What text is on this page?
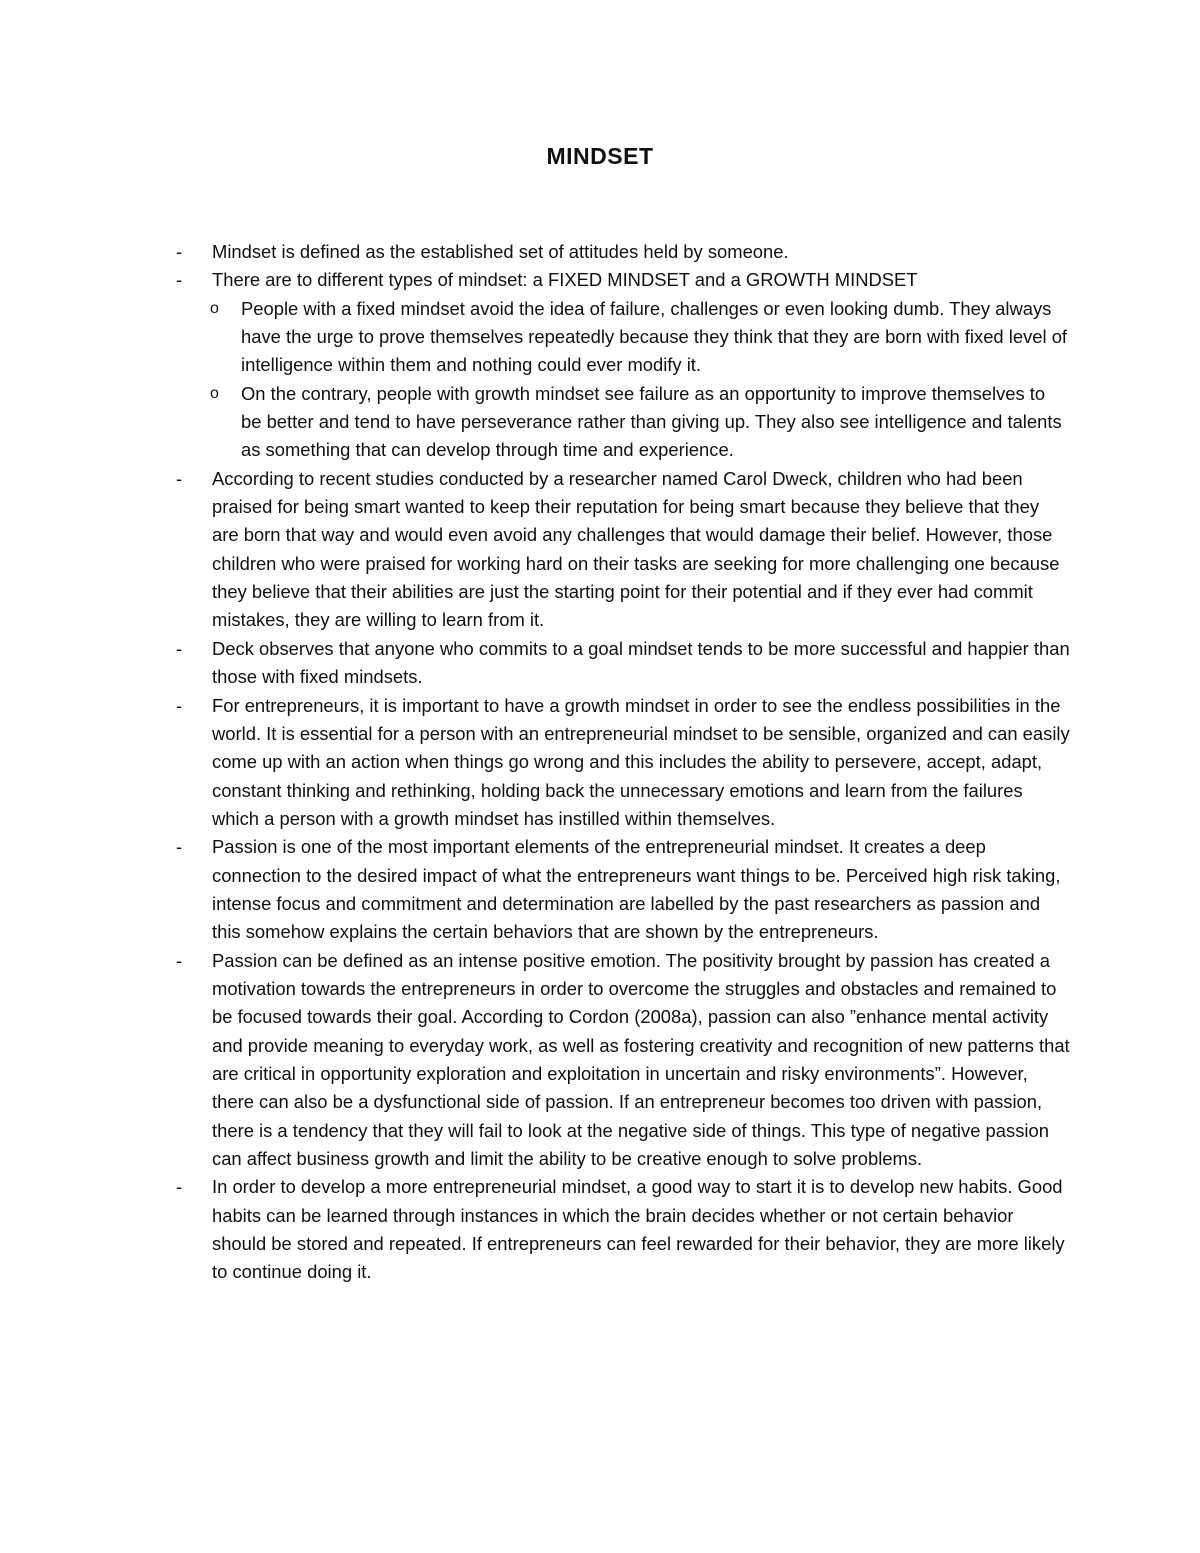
MINDSET
- Mindset is defined as the established set of attitudes held by someone.
- There are to different types of mindset: a FIXED MINDSET and a GROWTH MINDSET
o People with a fixed mindset avoid the idea of failure, challenges or even looking dumb. They always have the urge to prove themselves repeatedly because they think that they are born with fixed level of intelligence within them and nothing could ever modify it.
o On the contrary, people with growth mindset see failure as an opportunity to improve themselves to be better and tend to have perseverance rather than giving up. They also see intelligence and talents as something that can develop through time and experience.
- According to recent studies conducted by a researcher named Carol Dweck, children who had been praised for being smart wanted to keep their reputation for being smart because they believe that they are born that way and would even avoid any challenges that would damage their belief. However, those children who were praised for working hard on their tasks are seeking for more challenging one because they believe that their abilities are just the starting point for their potential and if they ever had commit mistakes, they are willing to learn from it.
- Deck observes that anyone who commits to a goal mindset tends to be more successful and happier than those with fixed mindsets.
- For entrepreneurs, it is important to have a growth mindset in order to see the endless possibilities in the world. It is essential for a person with an entrepreneurial mindset to be sensible, organized and can easily come up with an action when things go wrong and this includes the ability to persevere, accept, adapt, constant thinking and rethinking, holding back the unnecessary emotions and learn from the failures which a person with a growth mindset has instilled within themselves.
- Passion is one of the most important elements of the entrepreneurial mindset. It creates a deep connection to the desired impact of what the entrepreneurs want things to be. Perceived high risk taking, intense focus and commitment and determination are labelled by the past researchers as passion and this somehow explains the certain behaviors that are shown by the entrepreneurs.
- Passion can be defined as an intense positive emotion. The positivity brought by passion has created a motivation towards the entrepreneurs in order to overcome the struggles and obstacles and remained to be focused towards their goal. According to Cordon (2008a), passion can also ”enhance mental activity and provide meaning to everyday work, as well as fostering creativity and recognition of new patterns that are critical in opportunity exploration and exploitation in uncertain and risky environments”. However, there can also be a dysfunctional side of passion. If an entrepreneur becomes too driven with passion, there is a tendency that they will fail to look at the negative side of things. This type of negative passion can affect business growth and limit the ability to be creative enough to solve problems.
- In order to develop a more entrepreneurial mindset, a good way to start it is to develop new habits. Good habits can be learned through instances in which the brain decides whether or not certain behavior should be stored and repeated. If entrepreneurs can feel rewarded for their behavior, they are more likely to continue doing it.
